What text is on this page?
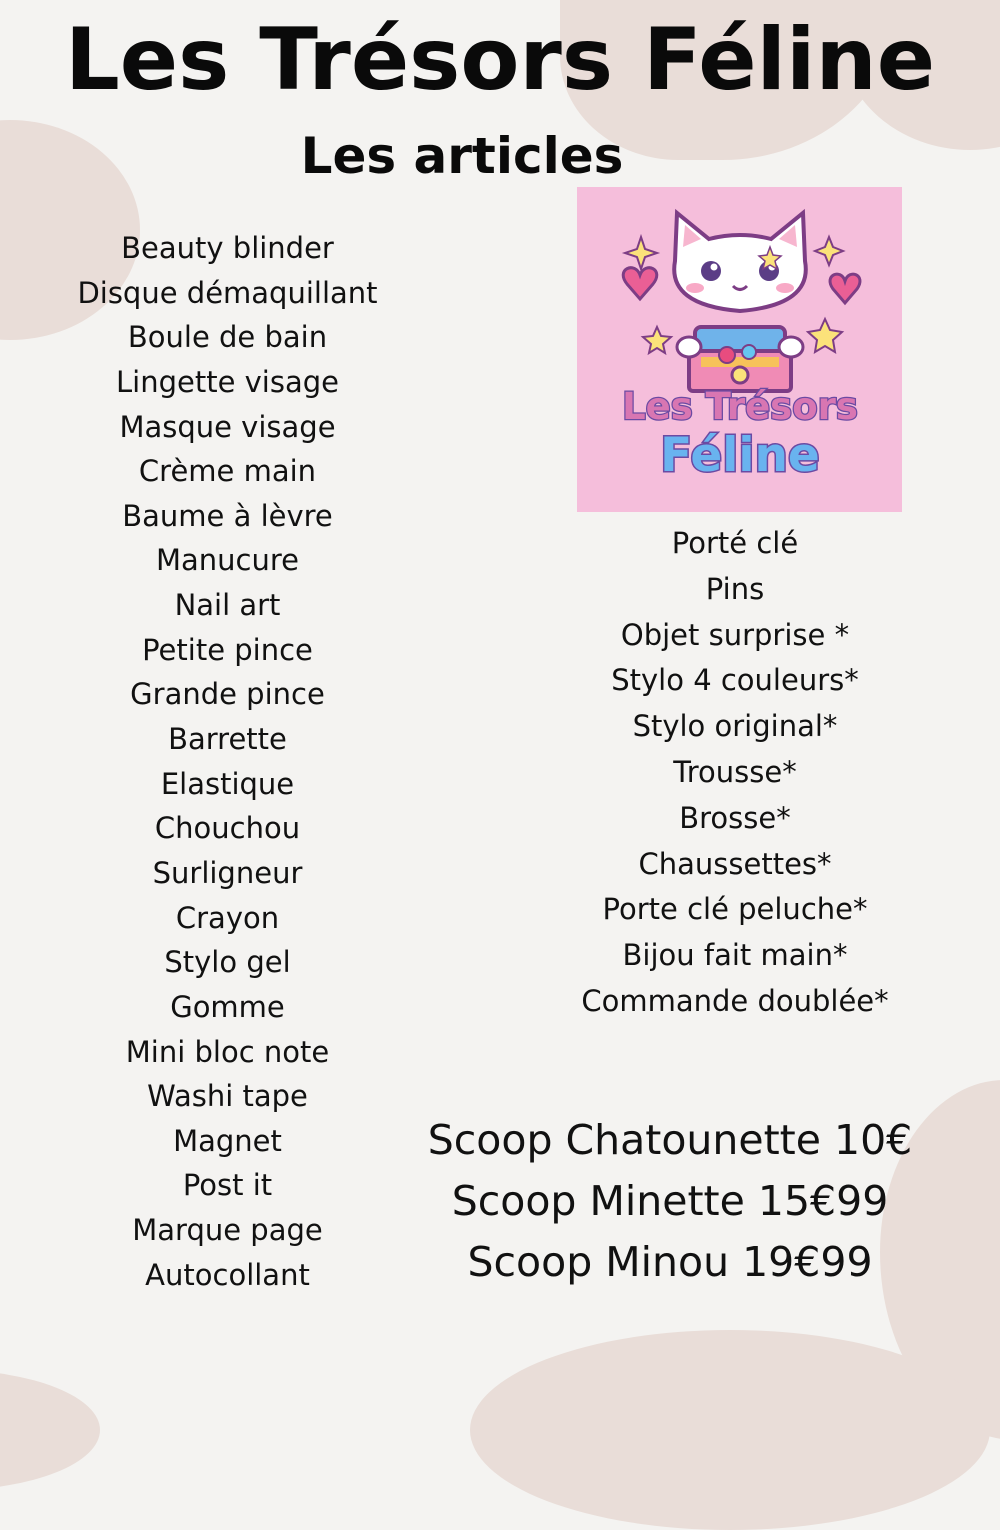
Les Trésors Féline
Les articles
Beauty blinder
Disque démaquillant
Boule de bain
Lingette visage
Masque visage
Crème main
Baume à lèvre
Manucure
Nail art
Petite pince
Grande pince
Barrette
Elastique
Chouchou
Surligneur
Crayon
Stylo gel
Gomme
Mini bloc note
Washi tape
Magnet
Post it
Marque page
Autocollant
Les Trésors
Féline
Porté clé
Pins
Objet surprise *
Stylo 4 couleurs*
Stylo original*
Trousse*
Brosse*
Chaussettes*
Porte clé peluche*
Bijou fait main*
Commande doublée*
Scoop Chatounette 10€
Scoop Minette 15€99
Scoop Minou 19€99
